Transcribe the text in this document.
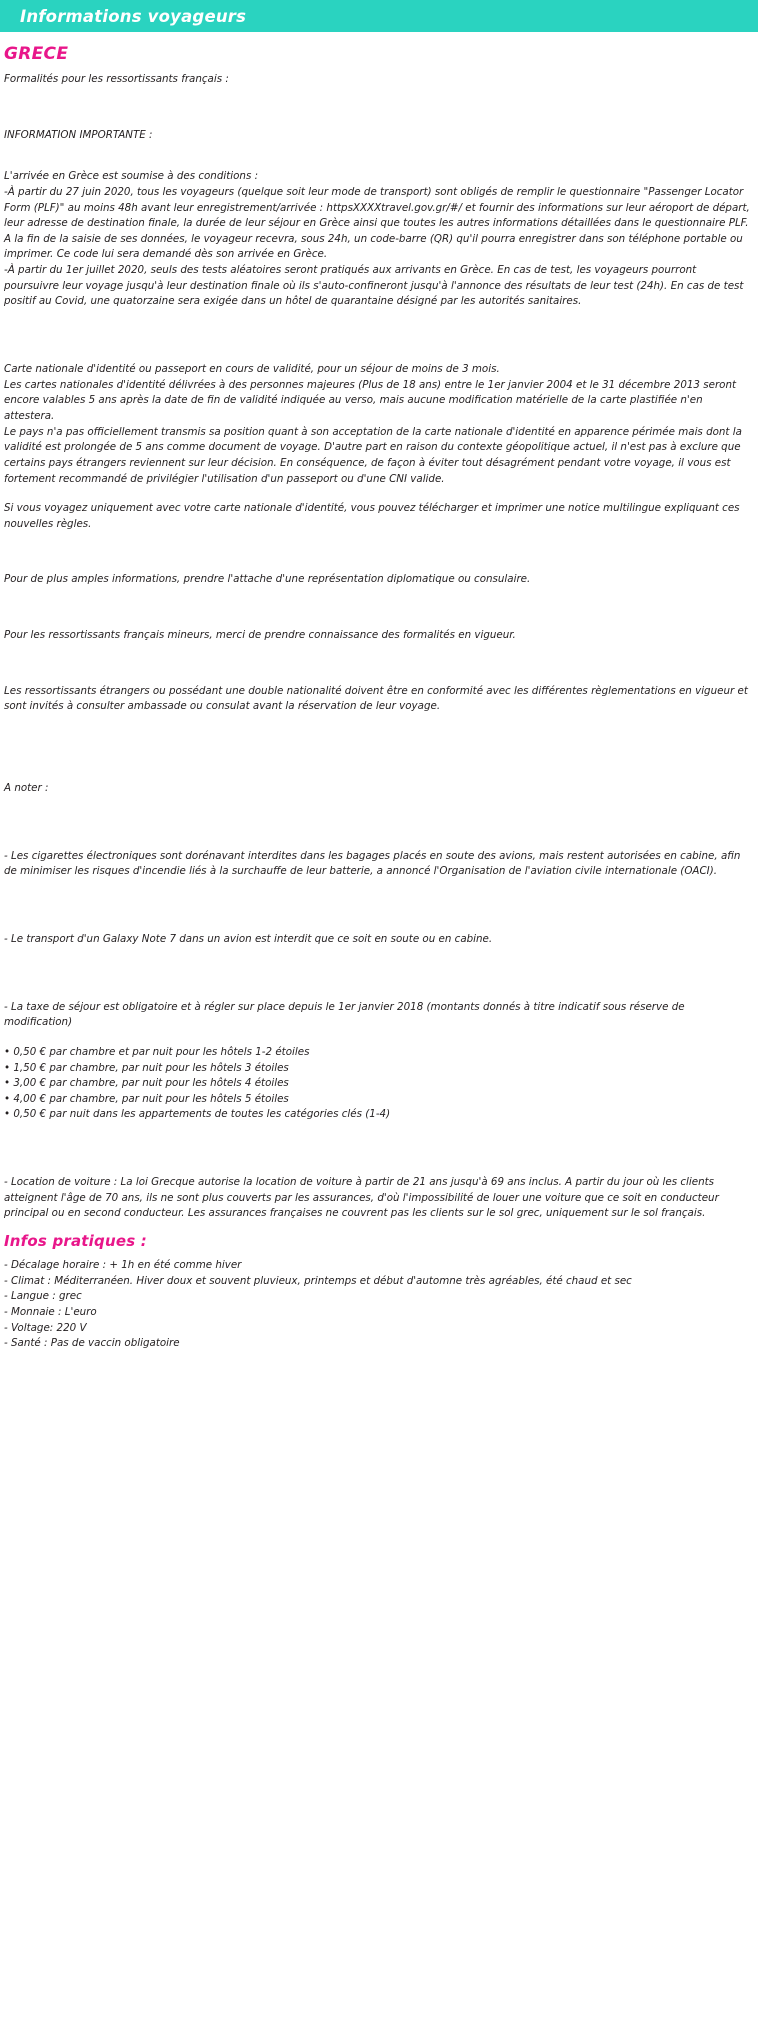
Informations voyageurs
GRECE

Formalités pour les ressortissants français :

INFORMATION IMPORTANTE :

L'arrivée en Grèce est soumise à des conditions :

-À partir du 27 juin 2020, tous les voyageurs (quelque soit leur mode de transport) sont obligés de remplir le questionnaire "Passenger Locator Form (PLF)" au moins 48h avant leur enregistrement/arrivée : httpsXXXXtravel.gov.gr/#/ et fournir des informations sur leur aéroport de départ, leur adresse de destination finale, la durée de leur séjour en Grèce ainsi que toutes les autres informations détaillées dans le questionnaire PLF. A la fin de la saisie de ses données, le voyageur recevra, sous 24h, un code-barre (QR) qu'il pourra enregistrer dans son téléphone portable ou imprimer. Ce code lui sera demandé dès son arrivée en Grèce.

-À partir du 1er juillet 2020, seuls des tests aléatoires seront pratiqués aux arrivants en Grèce. En cas de test, les voyageurs pourront poursuivre leur voyage jusqu'à leur destination finale où ils s'auto-confineront jusqu'à l'annonce des résultats de leur test (24h). En cas de test positif au Covid, une quatorzaine sera exigée dans un hôtel de quarantaine désigné par les autorités sanitaires.

Carte nationale d'identité ou passeport en cours de validité, pour un séjour de moins de 3 mois.

Les cartes nationales d'identité délivrées à des personnes majeures (Plus de 18 ans) entre le 1er janvier 2004 et le 31 décembre 2013 seront encore valables 5 ans après la date de fin de validité indiquée au verso, mais aucune modification matérielle de la carte plastifiée n'en attestera.

Le pays n'a pas officiellement transmis sa position quant à son acceptation de la carte nationale d'identité en apparence périmée mais dont la validité est prolongée de 5 ans comme document de voyage. D'autre part en raison du contexte géopolitique actuel, il n'est pas à exclure que certains pays étrangers reviennent sur leur décision. En conséquence, de façon à éviter tout désagrément pendant votre voyage, il vous est fortement recommandé de privilégier l'utilisation d'un passeport ou d'une CNI valide.

Si vous voyagez uniquement avec votre carte nationale d'identité, vous pouvez télécharger et imprimer une notice multilingue expliquant ces nouvelles règles.

Pour de plus amples informations, prendre l'attache d'une représentation diplomatique ou consulaire.

Pour les ressortissants français mineurs, merci de prendre connaissance des formalités en vigueur.

Les ressortissants étrangers ou possédant une double nationalité doivent être en conformité avec les différentes règlementations en vigueur et sont invités à consulter ambassade ou consulat avant la réservation de leur voyage.

A noter :

- Les cigarettes électroniques sont dorénavant interdites dans les bagages placés en soute des avions, mais restent autorisées en cabine, afin de minimiser les risques d'incendie liés à la surchauffe de leur batterie, a annoncé l'Organisation de l'aviation civile internationale (OACI).

- Le transport d'un Galaxy Note 7 dans un avion est interdit que ce soit en soute ou en cabine.

- La taxe de séjour est obligatoire et à régler sur place depuis le 1er janvier 2018 (montants donnés à titre indicatif sous réserve de modification)

• 0,50 € par chambre et par nuit pour les hôtels 1-2 étoiles

• 1,50 € par chambre, par nuit pour les hôtels 3 étoiles

• 3,00 € par chambre, par nuit pour les hôtels 4 étoiles

• 4,00 € par chambre, par nuit pour les hôtels 5 étoiles

• 0,50 € par nuit dans les appartements de toutes les catégories clés (1-4)

- Location de voiture : La loi Grecque autorise la location de voiture à partir de 21 ans jusqu'à 69 ans inclus. A partir du jour où les clients atteignent l'âge de 70 ans, ils ne sont plus couverts par les assurances, d'où l'impossibilité de louer une voiture que ce soit en conducteur principal ou en second conducteur. Les assurances françaises ne couvrent pas les clients sur le sol grec, uniquement sur le sol français.

Infos pratiques :

- Décalage horaire : + 1h en été comme hiver

- Climat : Méditerranéen. Hiver doux et souvent pluvieux, printemps et début d'automne très agréables, été chaud et sec

- Langue : grec

- Monnaie : L'euro

- Voltage: 220 V

- Santé : Pas de vaccin obligatoire
